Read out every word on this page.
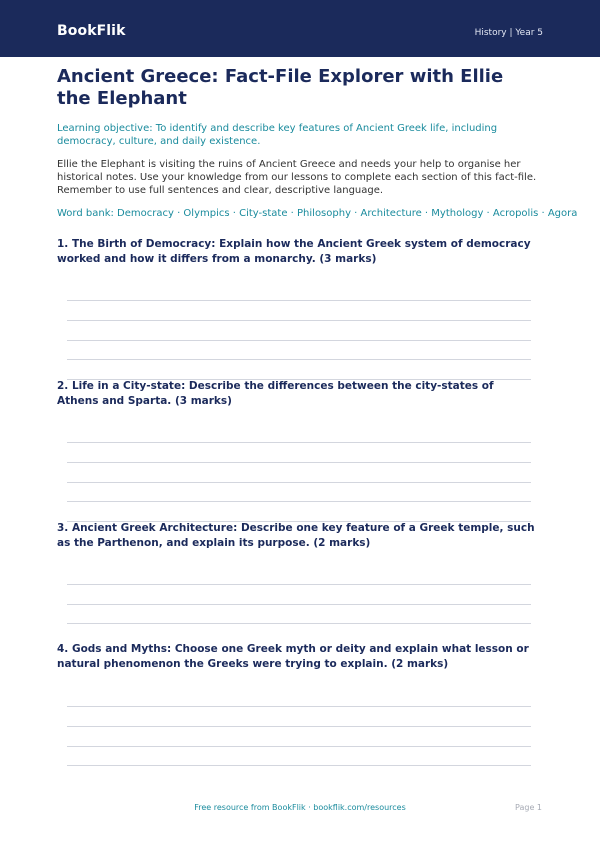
BookFlik	History | Year 5
Ancient Greece: Fact-File Explorer with Ellie the Elephant
Learning objective: To identify and describe key features of Ancient Greek life, including democracy, culture, and daily existence.
Ellie the Elephant is visiting the ruins of Ancient Greece and needs your help to organise her historical notes. Use your knowledge from our lessons to complete each section of this fact-file. Remember to use full sentences and clear, descriptive language.
Word bank: Democracy · Olympics · City-state · Philosophy · Architecture · Mythology · Acropolis · Agora

1. The Birth of Democracy: Explain how the Ancient Greek system of democracy worked and how it differs from a monarchy. (3 marks)

2. Life in a City-state: Describe the differences between the city-states of Athens and Sparta. (3 marks)

3. Ancient Greek Architecture: Describe one key feature of a Greek temple, such as the Parthenon, and explain its purpose. (2 marks)

4. Gods and Myths: Choose one Greek myth or deity and explain what lesson or natural phenomenon the Greeks were trying to explain. (2 marks)

Free resource from BookFlik · bookflik.com/resources	Page 1
